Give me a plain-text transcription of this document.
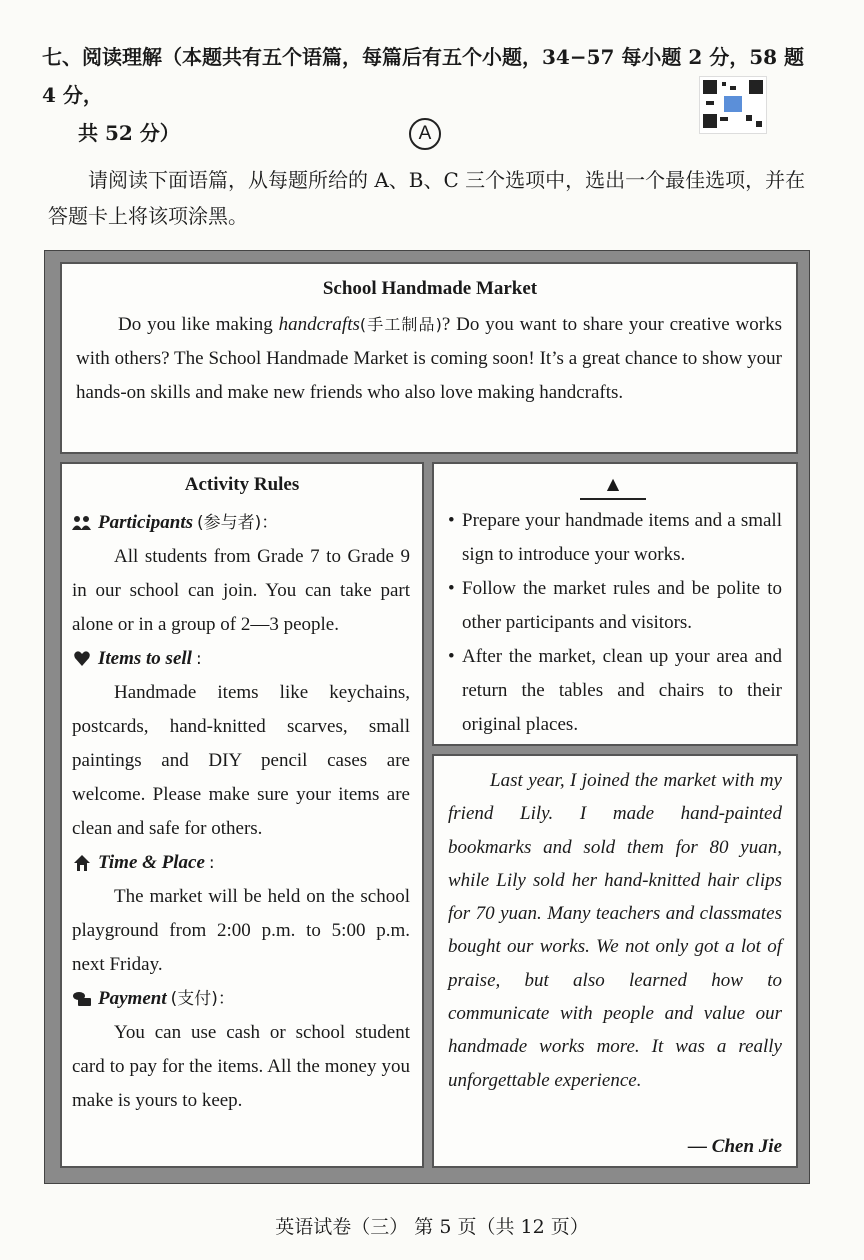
七、阅读理解（本题共有五个语篇，每篇后有五个小题，34−57 每小题 2 分，58 题 4 分，
共 52 分）	A
请阅读下面语篇，从每题所给的 A、B、C 三个选项中，选出一个最佳选项，并在答题卡上将该项涂黑。
School Handmade Market
Do you like making handcrafts(手工制品)? Do you want to share your creative works with others? The School Handmade Market is coming soon! It’s a great chance to show your hands-on skills and make new friends who also love making handcrafts.
Activity Rules
Participants (参与者)：
All students from Grade 7 to Grade 9 in our school can join. You can take part alone or in a group of 2—3 people.
Items to sell :
Handmade items like keychains, postcards, hand-knitted scarves, small paintings and DIY pencil cases are welcome. Please make sure your items are clean and safe for others.
Time & Place :
The market will be held on the school playground from 2:00 p.m. to 5:00 p.m. next Friday.
Payment (支付)：
You can use cash or school student card to pay for the items. All the money you make is yours to keep.
▲
• Prepare your handmade items and a small sign to introduce your works.
• Follow the market rules and be polite to other participants and visitors.
• After the market, clean up your area and return the tables and chairs to their original places.
Last year, I joined the market with my friend Lily. I made hand-painted bookmarks and sold them for 80 yuan, while Lily sold her hand-knitted hair clips for 70 yuan. Many teachers and classmates bought our works. We not only got a lot of praise, but also learned how to communicate with people and value our handmade works more. It was a really unforgettable experience.
— Chen Jie
英语试卷（三） 第 5 页（共 12 页）
